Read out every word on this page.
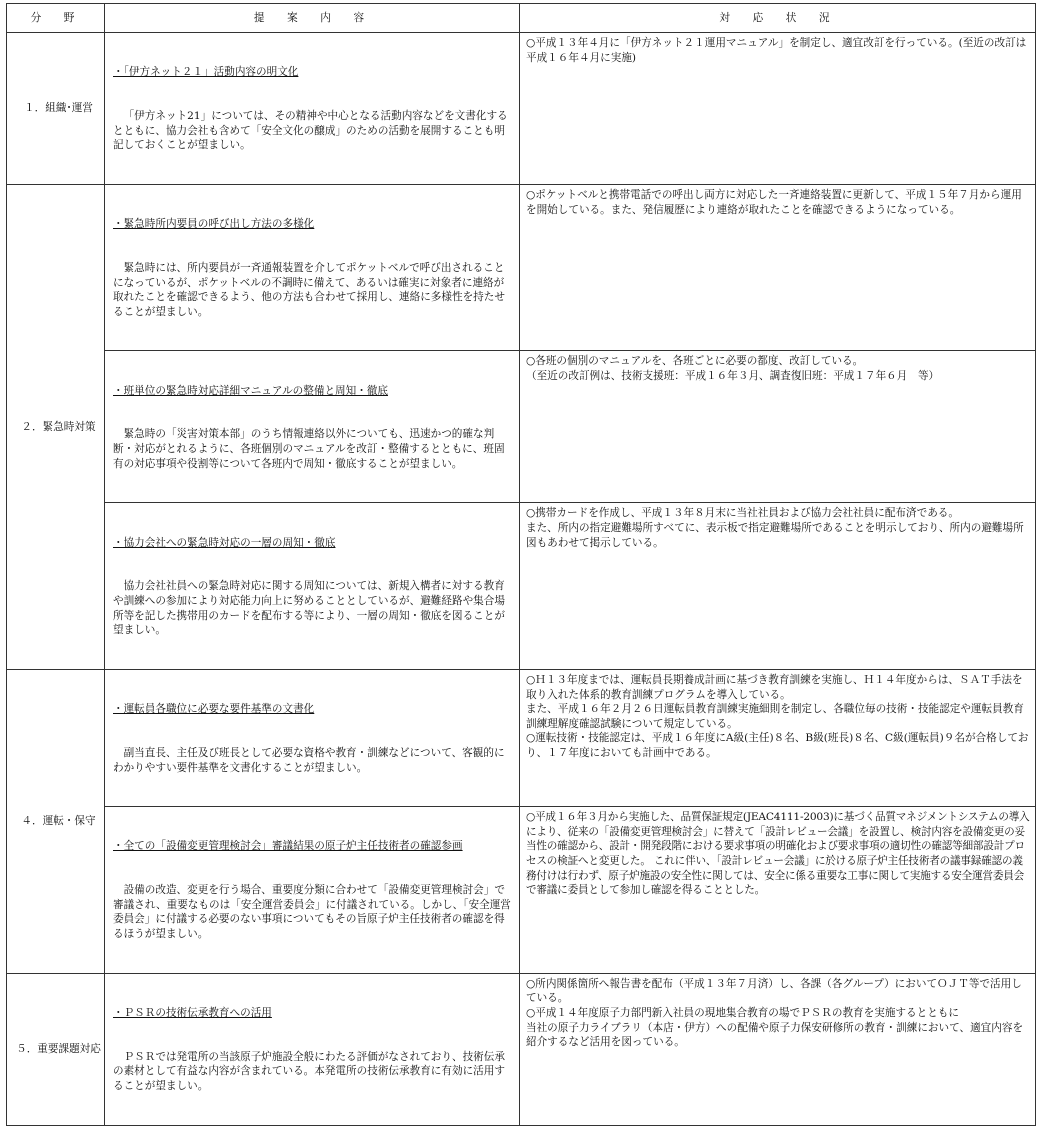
分　野	提　案　内　容	対　応　状　況
１．組織･運営	・「伊方ネット２１」活動内容の明文化

「伊方ネット21」については、その精神や中心となる活動内容などを文書化するとともに、協力会社も含めて「安全文化の醸成」のための活動を展開することも明記しておくことが望ましい。	○平成１３年４月に「伊方ネット２１運用マニュアル」を制定し、適宜改訂を行っている。(至近の改訂は平成１６年４月に実施)

２．緊急時対策	・緊急時所内要員の呼び出し方法の多様化

緊急時には、所内要員が一斉通報装置を介してポケットベルで呼び出されることになっているが、ポケットベルの不調時に備えて、あるいは確実に対象者に連絡が取れたことを確認できるよう、他の方法も合わせて採用し、連絡に多様性を持たせることが望ましい。	○ポケットベルと携帯電話での呼出し両方に対応した一斉連絡装置に更新して、平成１５年７月から運用を開始している。また、発信履歴により連絡が取れたことを確認できるようになっている。

	・班単位の緊急時対応詳細マニュアルの整備と周知・徹底

緊急時の「災害対策本部」のうち情報連絡以外についても、迅速かつ的確な判断・対応がとれるように、各班個別のマニュアルを改訂・整備するとともに、班固有の対応事項や役割等について各班内で周知・徹底することが望ましい。	○各班の個別のマニュアルを、各班ごとに必要の都度、改訂している。
（至近の改訂例は、技術支援班：平成１６年３月、調査復旧班：平成１７年６月　等）

	・協力会社への緊急時対応の一層の周知・徹底

協力会社社員への緊急時対応に関する周知については、新規入構者に対する教育や訓練への参加により対応能力向上に努めることとしているが、避難経路や集合場所等を記した携帯用のカードを配布する等により、一層の周知・徹底を図ることが望ましい。	○携帯カードを作成し、平成１３年８月末に当社社員および協力会社社員に配布済である。
また、所内の指定避難場所すべてに、表示板で指定避難場所であることを明示しており、所内の避難場所図もあわせて掲示している。

４．運転・保守	・運転員各職位に必要な要件基準の文書化

副当直長、主任及び班長として必要な資格や教育・訓練などについて、客観的にわかりやすい要件基準を文書化することが望ましい。	○Ｈ１３年度までは、運転員長期養成計画に基づき教育訓練を実施し、Ｈ１４年度からは、ＳＡＴ手法を取り入れた体系的教育訓練プログラムを導入している。
また、平成１６年２月２６日運転員教育訓練実施細則を制定し、各職位毎の技術・技能認定や運転員教育訓練理解度確認試験について規定している。
○運転技術・技能認定は、平成１６年度にA級(主任)８名、B級(班長)８名、C級(運転員)９名が合格しており、１７年度においても計画中である。

	・全ての「設備変更管理検討会」審議結果の原子炉主任技術者の確認参画

設備の改造、変更を行う場合、重要度分類に合わせて「設備変更管理検討会」で審議され、重要なものは「安全運営委員会」に付議されている。しかし、「安全運営委員会」に付議する必要のない事項についてもその旨原子炉主任技術者の確認を得るほうが望ましい。	○平成１６年３月から実施した、品質保証規定(JEAC4111-2003)に基づく品質マネジメントシステムの導入により、従来の「設備変更管理検討会」に替えて「設計レビュー会議」を設置し、検討内容を設備変更の妥当性の確認から、設計・開発段階における要求事項の明確化および要求事項の適切性の確認等細部設計プロセスの検証へと変更した。 これに伴い、「設計レビュー会議」に於ける原子炉主任技術者の議事録確認の義務付けは行わず、原子炉施設の安全性に関しては、安全に係る重要な工事に関して実施する安全運営委員会で審議に委員として参加し確認を得ることとした。

５．重要課題対応	・ＰＳＲの技術伝承教育への活用

ＰＳＲでは発電所の当該原子炉施設全般にわたる評価がなされており、技術伝承の素材として有益な内容が含まれている。本発電所の技術伝承教育に有効に活用することが望ましい。	○所内関係箇所へ報告書を配布（平成１３年７月済）し、各課（各グループ）においてＯＪＴ等で活用している。
○平成１４年度原子力部門新入社員の現地集合教育の場でＰＳＲの教育を実施するとともに
当社の原子力ライブラリ（本店・伊方）への配備や原子力保安研修所の教育・訓練において、適宜内容を紹介するなど活用を図っている。
